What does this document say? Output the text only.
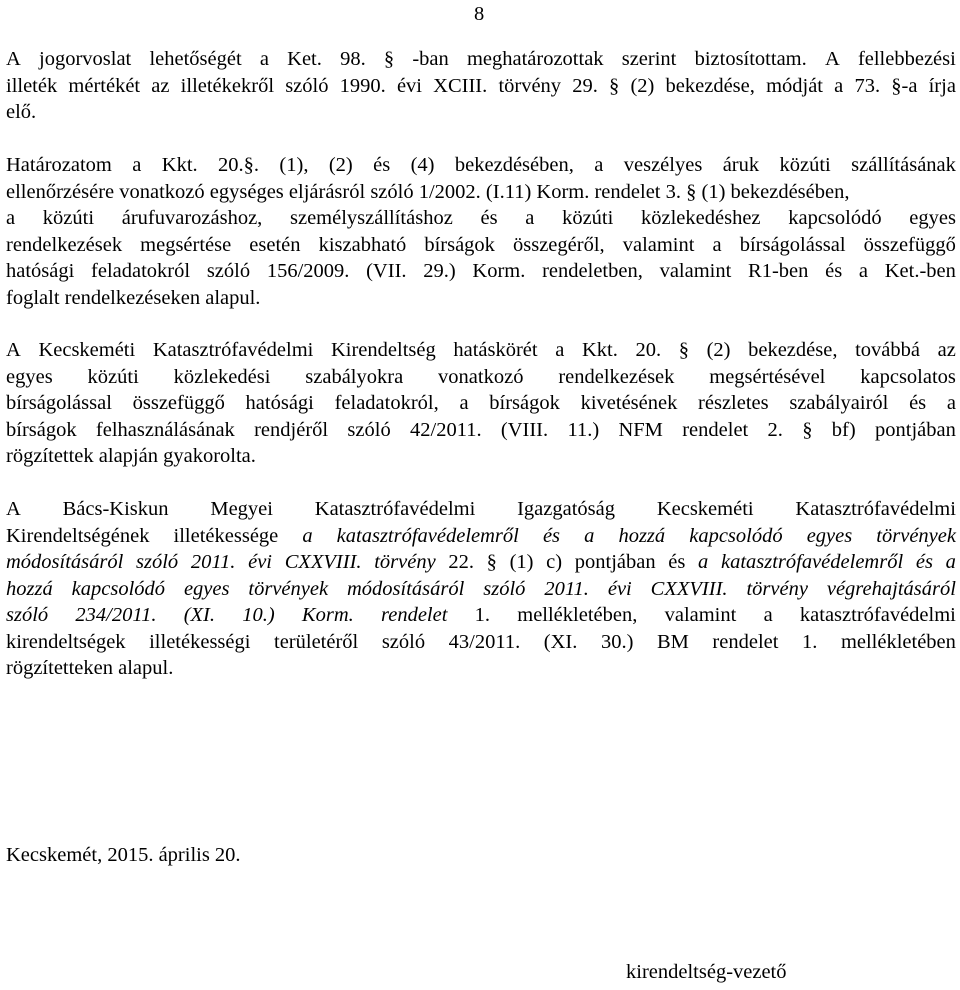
8
A jogorvoslat lehetőségét a Ket. 98. § -ban meghatározottak szerint biztosítottam. A fellebbezési
illeték mértékét az illetékekről szóló 1990. évi XCIII. törvény 29. § (2) bekezdése, módját a 73. §-a írja
elő.
Határozatom a Kkt. 20.§. (1), (2) és (4) bekezdésében, a veszélyes áruk közúti szállításának
ellenőrzésére vonatkozó egységes eljárásról szóló 1/2002. (I.11) Korm. rendelet 3. § (1) bekezdésében,
a közúti árufuvarozáshoz, személyszállításhoz és a közúti közlekedéshez kapcsolódó egyes
rendelkezések megsértése esetén kiszabható bírságok összegéről, valamint a bírságolással összefüggő
hatósági feladatokról szóló 156/2009. (VII. 29.) Korm. rendeletben, valamint R1-ben és a Ket.-ben
foglalt rendelkezéseken alapul.
A Kecskeméti Katasztrófavédelmi Kirendeltség hatáskörét a Kkt. 20. § (2) bekezdése, továbbá az
egyes közúti közlekedési szabályokra vonatkozó rendelkezések megsértésével kapcsolatos
bírságolással összefüggő hatósági feladatokról, a bírságok kivetésének részletes szabályairól és a
bírságok felhasználásának rendjéről szóló 42/2011. (VIII. 11.) NFM rendelet 2. § bf) pontjában
rögzítettek alapján gyakorolta.
A Bács-Kiskun Megyei Katasztrófavédelmi Igazgatóság Kecskeméti Katasztrófavédelmi
Kirendeltségének illetékessége a katasztrófavédelemről és a hozzá kapcsolódó egyes törvények
módosításáról szóló 2011. évi CXXVIII. törvény 22. § (1) c) pontjában és a katasztrófavédelemről és a
hozzá kapcsolódó egyes törvények módosításáról szóló 2011. évi CXXVIII. törvény végrehajtásáról
szóló 234/2011. (XI. 10.) Korm. rendelet 1. mellékletében, valamint a katasztrófavédelmi
kirendeltségek illetékességi területéről szóló 43/2011. (XI. 30.) BM rendelet 1. mellékletében
rögzítetteken alapul.
Kecskemét, 2015. április 20.
kirendeltség-vezető
